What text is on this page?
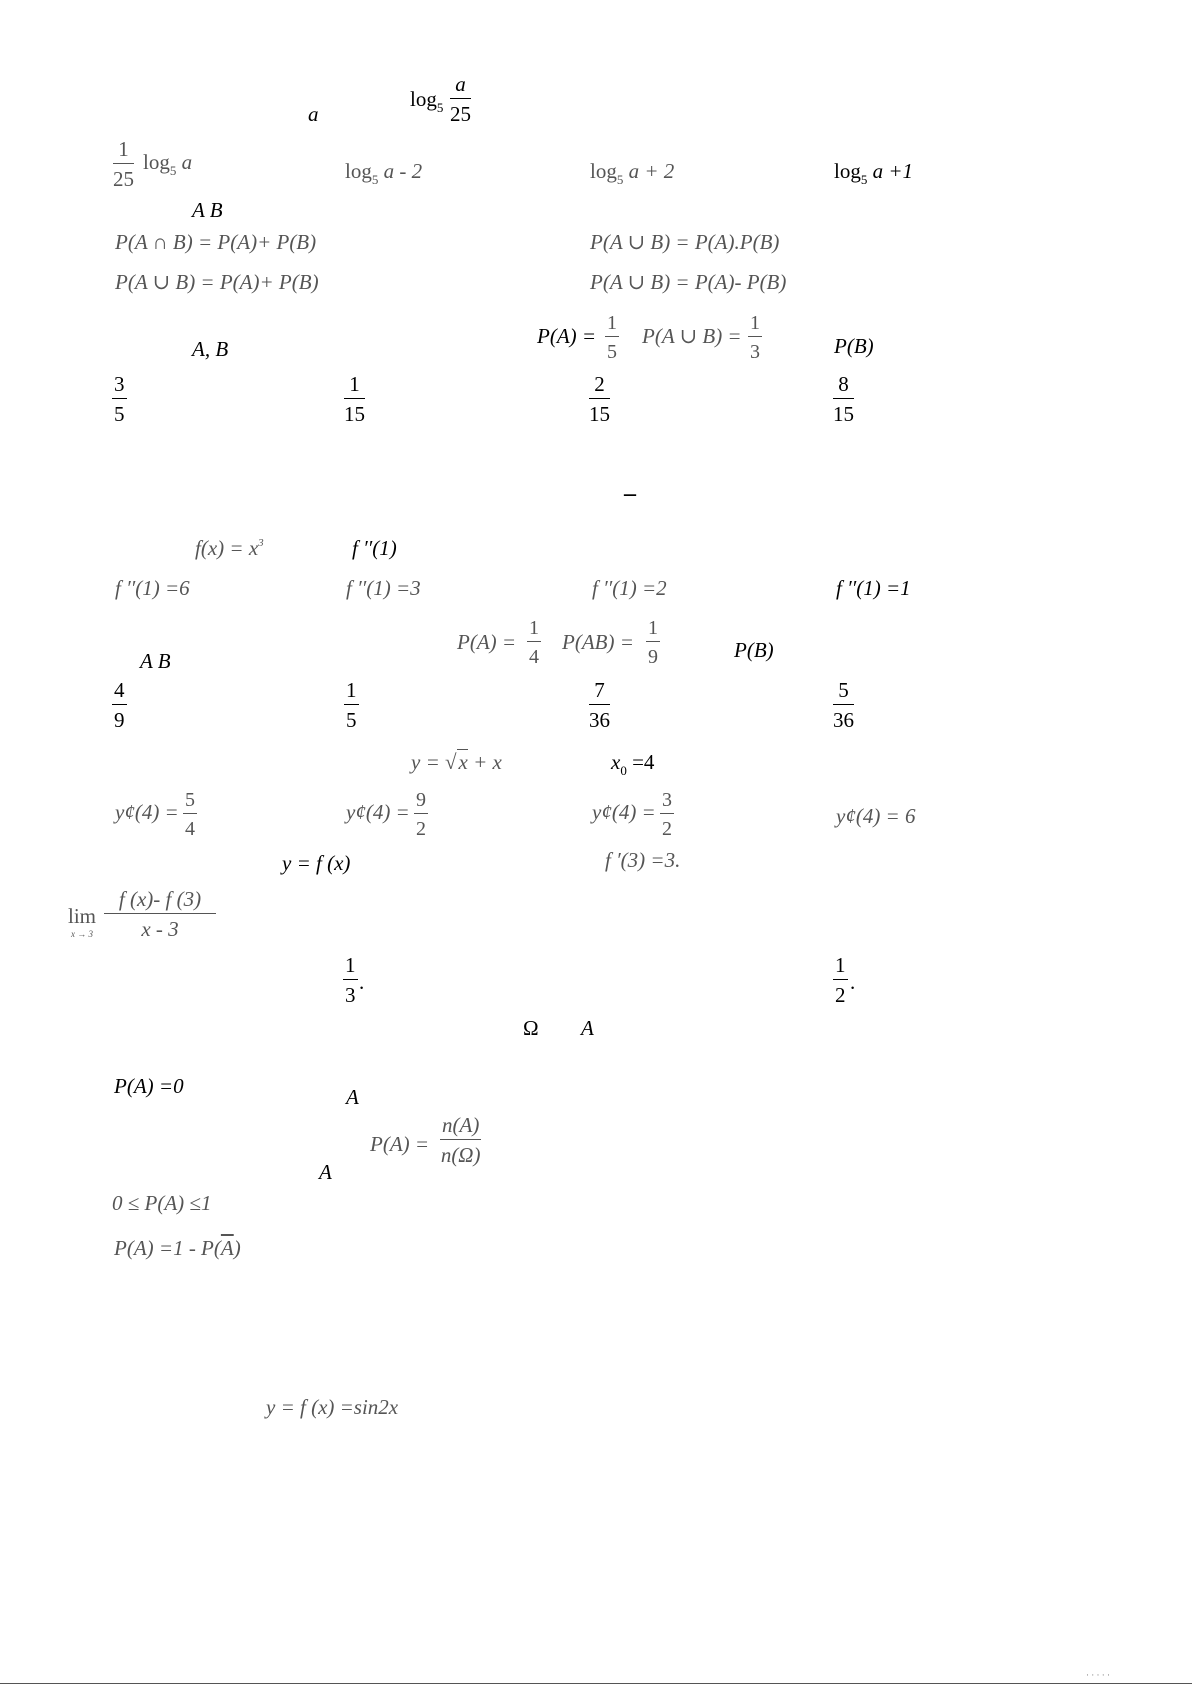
a
$\log_5 \frac{a}{25}$
$\frac{1}{25} \log_5 a$	$\log_5 a - 2$	$\log_5 a + 2$	$\log_5 a +1$
A B
P(A ∩ B) = P(A)+ P(B)	P(A ∪ B) = P(A).P(B)
P(A ∪ B) = P(A)+ P(B)	P(A ∪ B) = P(A)- P(B)
A, B
$P(A) = \frac{1}{5} P(A$ ∪ $B) = \frac{1}{3}$	P(B)
$\frac{3}{5}$	$\frac{1}{15}$	$\frac{2}{15}$	$\frac{8}{15}$
–
$f(x) = x^3$	f ′′(1)
f ′′(1) =6	f ′′(1) =3	f ′′(1) =2	f ′′(1) =1
A B
$P(A) = \frac{1}{4} P(AB) = \frac{1}{9}$	P(B)
$\frac{4}{9}$	$\frac{1}{5}$	$\frac{7}{36}$	$\frac{5}{36}$
y = √x + x	$x_0 =4$
y¢(4) = $\frac{5}{4}$	y¢(4) = $\frac{9}{2}$	y¢(4) = $\frac{3}{2}$	y¢(4) = 6
y = f (x)	f ′(3) =3.
lim
$x \to 3 \frac{f (x)- f (3)}{x - 3}$
$\frac{1}{3}$ .	$\frac{1}{2}$ .
Ω A
P(A) =0	A
$P(A) = \frac{n(A)}{n(\Omega)}$
A
0 ≤ P(A) ≤1
$P(A) =1 - P(\overline{A})$
y = f (x) =sin2x
· · · · ·
